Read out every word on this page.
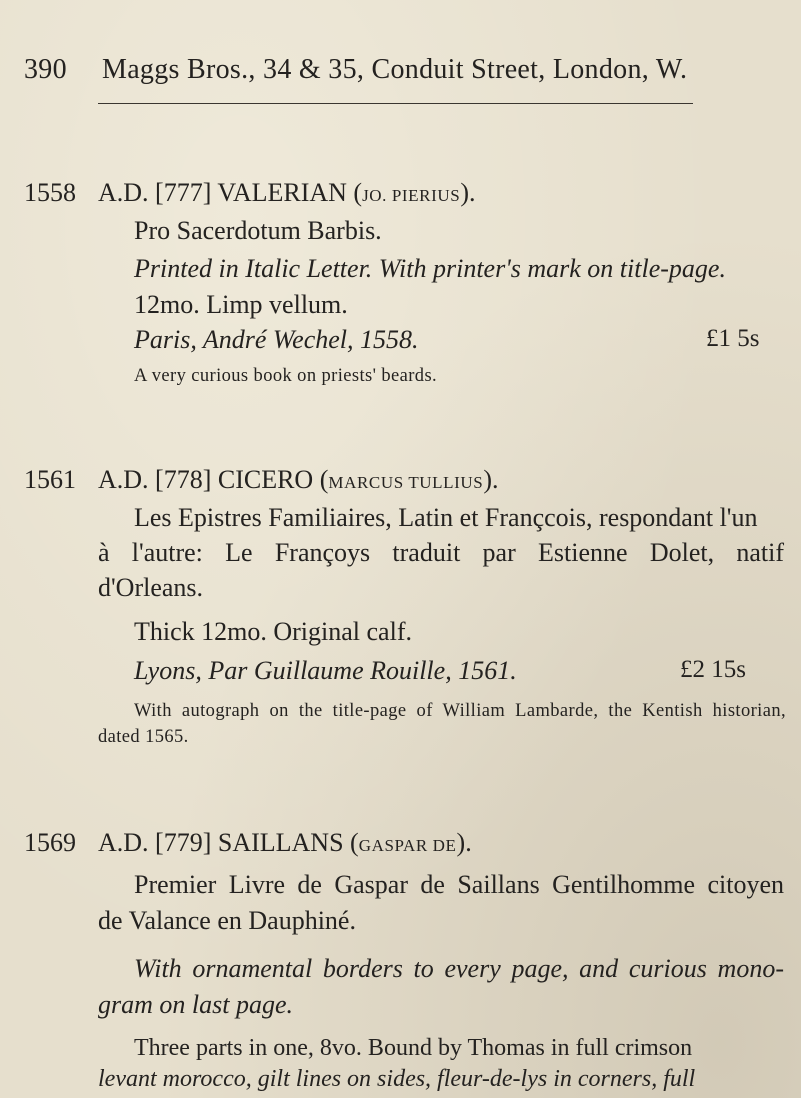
390 Maggs Bros., 34 & 35, Conduit Street, London, W.
1558 A.D. [777] VALERIAN (JO. PIERIUS).
Pro Sacerdotum Barbis.
Printed in Italic Letter. With printer's mark on title-page.
12mo. Limp vellum.
Paris, André Wechel, 1558.	£1 5s
A very curious book on priests' beards.
1561 A.D. [778] CICERO (MARCUS TULLIUS).
Les Epistres Familiaires, Latin et Françcois, respondant l'un
à l'autre: Le Françoys traduit par Estienne Dolet, natif
d'Orleans.
Thick 12mo. Original calf.
Lyons, Par Guillaume Rouille, 1561.	£2 15s
With autograph on the title-page of William Lambarde, the Kentish historian,
dated 1565.
1569 A.D. [779] SAILLANS (GASPAR DE).
Premier Livre de Gaspar de Saillans Gentilhomme citoyen
de Valance en Dauphiné.
With ornamental borders to every page, and curious mono-
gram on last page.
Three parts in one, 8vo. Bound by Thomas in full crimson
levant morocco, gilt lines on sides, fleur-de-lys in corners, full
